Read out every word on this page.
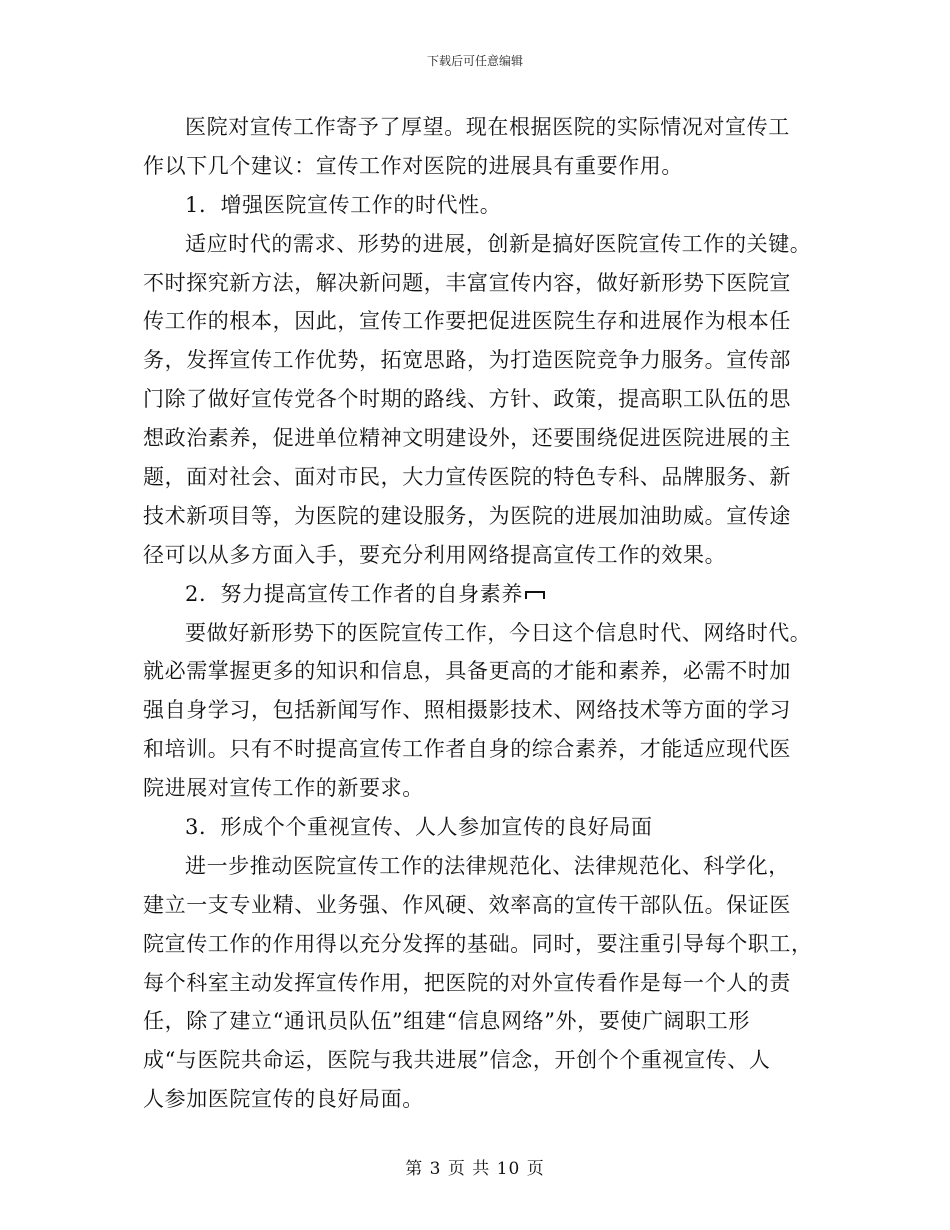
下载后可任意编辑
医院对宣传工作寄予了厚望。现在根据医院的实际情况对宣传工
作以下几个建议：宣传工作对医院的进展具有重要作用。
1．增强医院宣传工作的时代性。
适应时代的需求、形势的进展，创新是搞好医院宣传工作的关键。
不时探究新方法，解决新问题，丰富宣传内容，做好新形势下医院宣
传工作的根本，因此，宣传工作要把促进医院生存和进展作为根本任
务，发挥宣传工作优势，拓宽思路，为打造医院竞争力服务。宣传部
门除了做好宣传党各个时期的路线、方针、政策，提高职工队伍的思
想政治素养，促进单位精神文明建设外，还要围绕促进医院进展的主
题，面对社会、面对市民，大力宣传医院的特色专科、品牌服务、新
技术新项目等，为医院的建设服务，为医院的进展加油助威。宣传途
径可以从多方面入手，要充分利用网络提高宣传工作的效果。
2．努力提高宣传工作者的自身素养
要做好新形势下的医院宣传工作，今日这个信息时代、网络时代。
就必需掌握更多的知识和信息，具备更高的才能和素养，必需不时加
强自身学习，包括新闻写作、照相摄影技术、网络技术等方面的学习
和培训。只有不时提高宣传工作者自身的综合素养，才能适应现代医
院进展对宣传工作的新要求。
3．形成个个重视宣传、人人参加宣传的良好局面
进一步推动医院宣传工作的法律规范化、法律规范化、科学化，
建立一支专业精、业务强、作风硬、效率高的宣传干部队伍。保证医
院宣传工作的作用得以充分发挥的基础。同时，要注重引导每个职工，
每个科室主动发挥宣传作用，把医院的对外宣传看作是每一个人的责
任，除了建立“通讯员队伍”组建“信息网络”外，要使广阔职工形
成“与医院共命运，医院与我共进展”信念，开创个个重视宣传、人
人参加医院宣传的良好局面。
第 3 页 共 10 页
